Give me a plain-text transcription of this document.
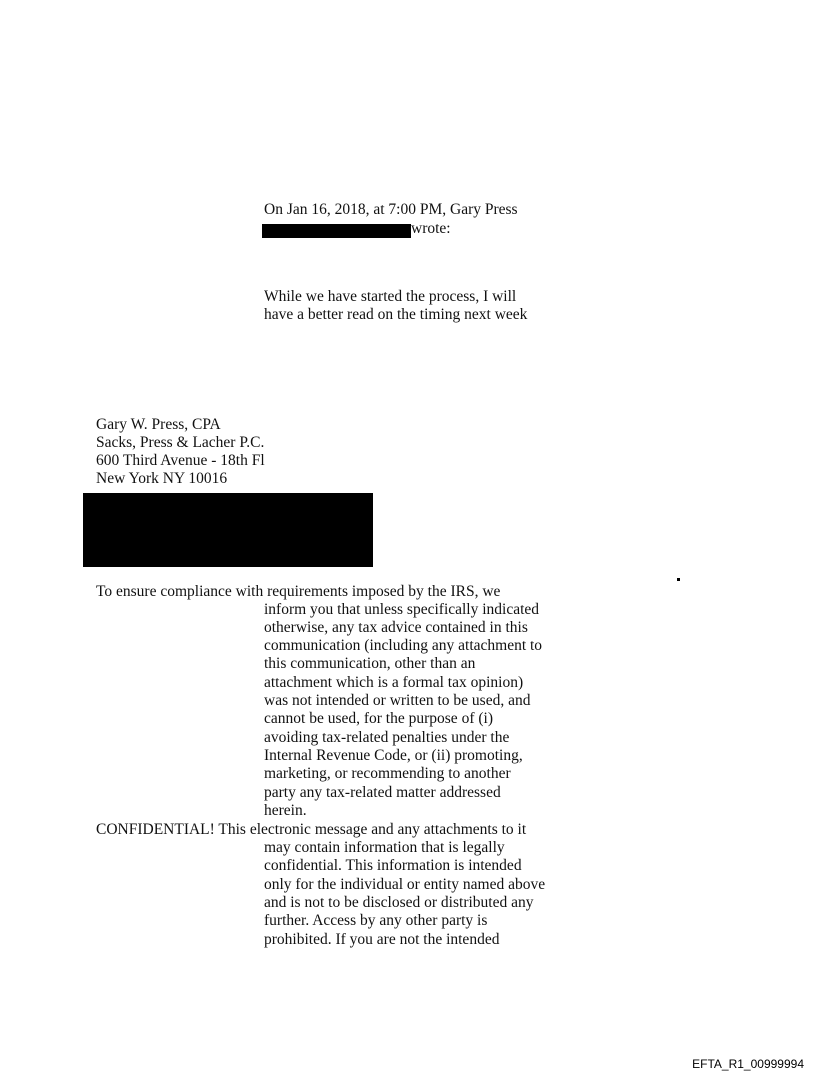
On Jan 16, 2018, at 7:00 PM, Gary Press
wrote:
While we have started the process, I will
have a better read on the timing next week
Gary W. Press, CPA
Sacks, Press & Lacher P.C.
600 Third Avenue - 18th Fl
New York NY 10016
To ensure compliance with requirements imposed by the IRS, we
inform you that unless specifically indicated
otherwise, any tax advice contained in this
communication (including any attachment to
this communication, other than an
attachment which is a formal tax opinion)
was not intended or written to be used, and
cannot be used, for the purpose of (i)
avoiding tax-related penalties under the
Internal Revenue Code, or (ii) promoting,
marketing, or recommending to another
party any tax-related matter addressed
herein.
CONFIDENTIAL! This electronic message and any attachments to it
may contain information that is legally
confidential. This information is intended
only for the individual or entity named above
and is not to be disclosed or distributed any
further. Access by any other party is
prohibited. If you are not the intended
EFTA_R1_00999994
